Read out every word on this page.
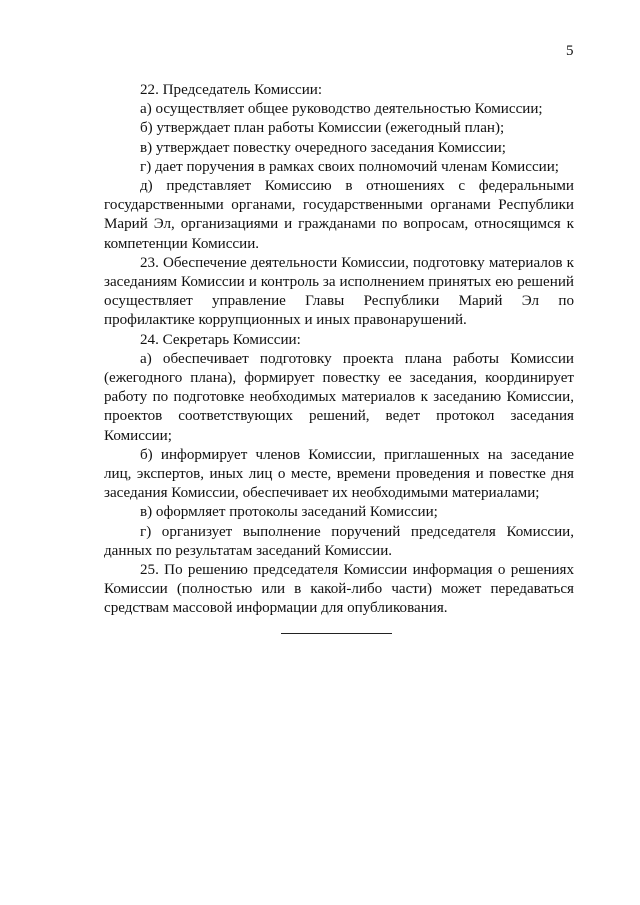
5

22. Председатель Комиссии:

а) осуществляет общее руководство деятельностью Комиссии;

б) утверждает план работы Комиссии (ежегодный план);

в) утверждает повестку очередного заседания Комиссии;

г) дает поручения в рамках своих полномочий членам Комиссии;

д) представляет Комиссию в отношениях с федеральными государственными органами, государственными органами Республики Марий Эл, организациями и гражданами по вопросам, относящимся к компетенции Комиссии.

23. Обеспечение деятельности Комиссии, подготовку материалов к заседаниям Комиссии и контроль за исполнением принятых ею решений осуществляет управление Главы Республики Марий Эл по профилактике коррупционных и иных правонарушений.

24. Секретарь Комиссии:

а) обеспечивает подготовку проекта плана работы Комиссии (ежегодного плана), формирует повестку ее заседания, координирует работу по подготовке необходимых материалов к заседанию Комиссии, проектов соответствующих решений, ведет протокол заседания Комиссии;

б) информирует членов Комиссии, приглашенных на заседание лиц, экспертов, иных лиц о месте, времени проведения и повестке дня заседания Комиссии, обеспечивает их необходимыми материалами;

в) оформляет протоколы заседаний Комиссии;

г) организует выполнение поручений председателя Комиссии, данных по результатам заседаний Комиссии.

25. По решению председателя Комиссии информация о решениях Комиссии (полностью или в какой-либо части) может передаваться средствам массовой информации для опубликования.
